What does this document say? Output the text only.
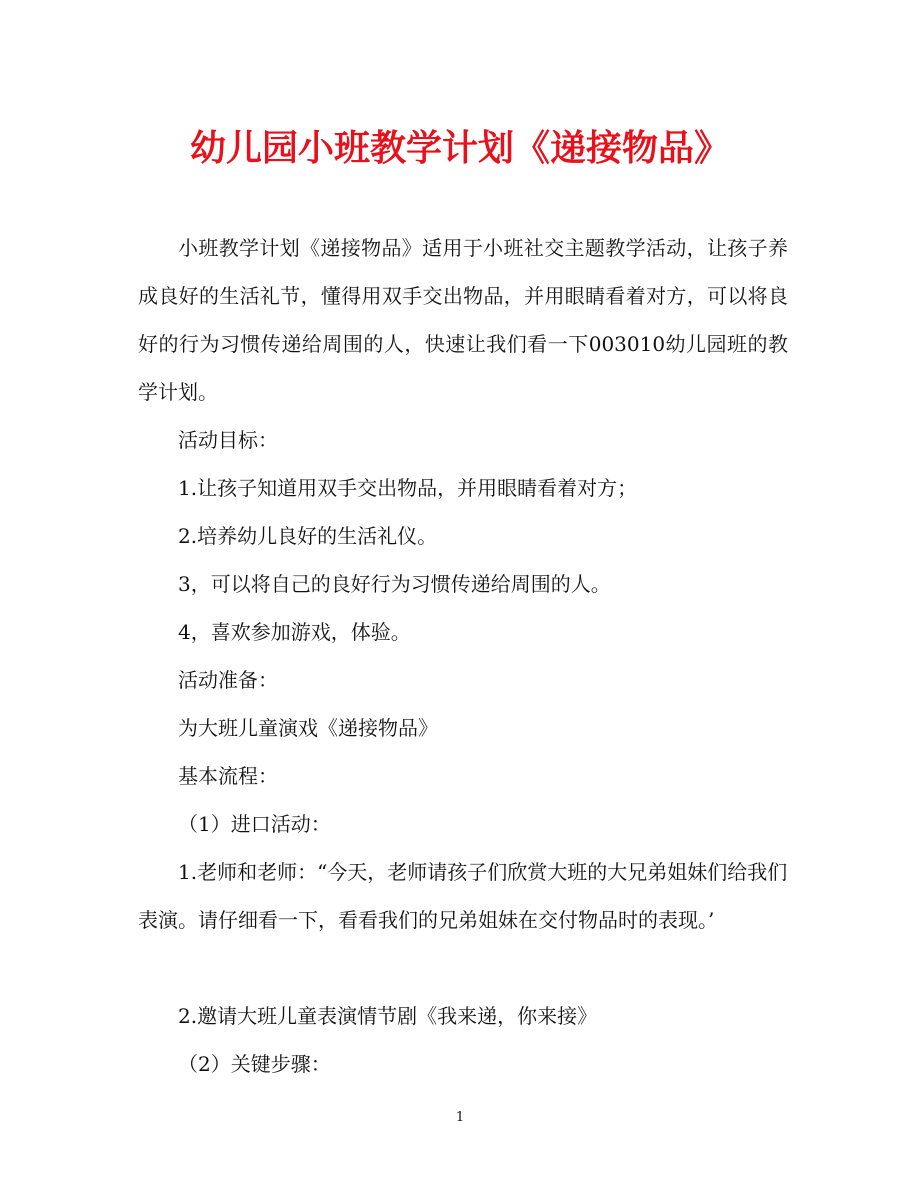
幼儿园小班教学计划《递接物品》
小班教学计划《递接物品》适用于小班社交主题教学活动，让孩子养成良好的生活礼节，懂得用双手交出物品，并用眼睛看着对方，可以将良好的行为习惯传递给周围的人，快速让我们看一下003010幼儿园班的教学计划。
活动目标：
1.让孩子知道用双手交出物品，并用眼睛看着对方；
2.培养幼儿良好的生活礼仪。
3，可以将自己的良好行为习惯传递给周围的人。
4，喜欢参加游戏，体验。
活动准备：
为大班儿童演戏《递接物品》
基本流程：
（1）进口活动：
1.老师和老师：“今天，老师请孩子们欣赏大班的大兄弟姐妹们给我们表演。请仔细看一下，看看我们的兄弟姐妹在交付物品时的表现。’
2.邀请大班儿童表演情节剧《我来递，你来接》
（2）关键步骤：
1
